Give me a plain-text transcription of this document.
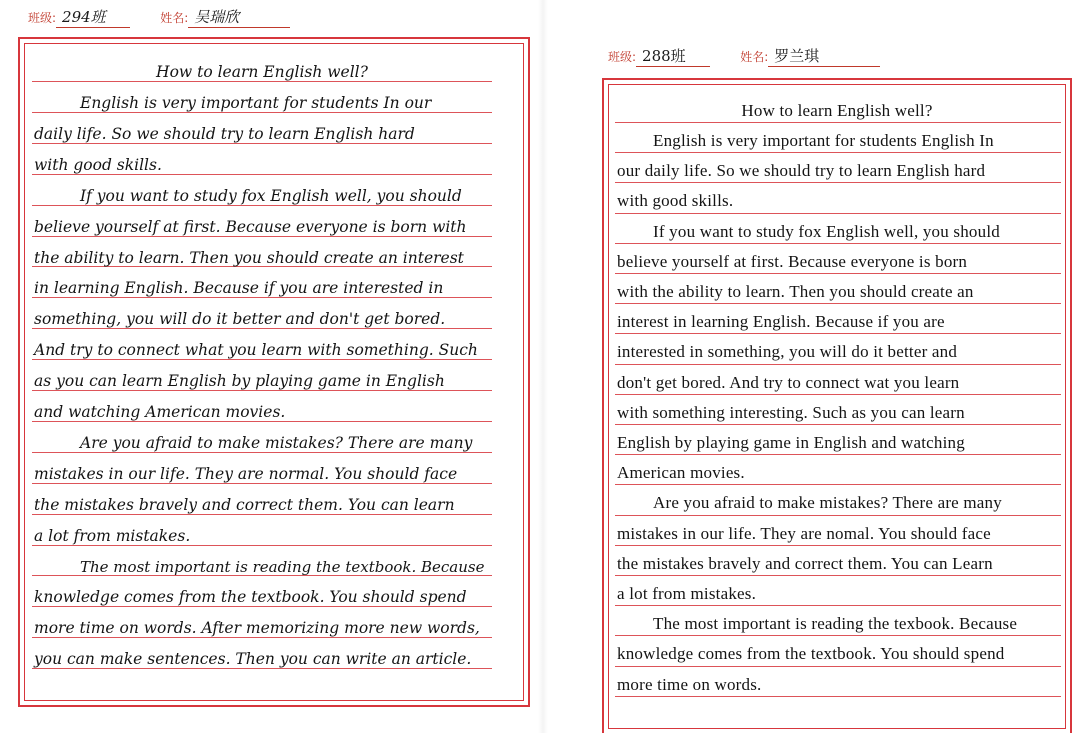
班级: 294班	姓名: 吴瑞欣
How to learn English well?
English is very important for students In our
daily life. So we should try to learn English hard
with good skills.
If you want to study fox English well, you should
believe yourself at first. Because everyone is born with
the ability to learn. Then you should create an interest
in learning English. Because if you are interested in
something, you will do it better and don't get bored.
And try to connect what you learn with something. Such
as you can learn English by playing game in English
and watching American movies.
Are you afraid to make mistakes? There are many
mistakes in our life. They are normal. You should face
the mistakes bravely and correct them. You can learn
a lot from mistakes.
The most important is reading the textbook. Because
knowledge comes from the textbook. You should spend
more time on words. After memorizing more new words,
you can make sentences. Then you can write an article.
班级: 288班	姓名: 罗兰琪
How to learn English well?
English is very important for students English In
our daily life. So we should try to learn English hard
with good skills.
If you want to study fox English well, you should
believe yourself at first. Because everyone is born
with the ability to learn. Then you should create an
interest in learning English. Because if you are
interested in something, you will do it better and
don't get bored. And try to connect wat you learn
with something interesting. Such as you can learn
English by playing game in English and watching
American movies.
Are you afraid to make mistakes? There are many
mistakes in our life. They are nomal. You should face
the mistakes bravely and correct them. You can Learn
a lot from mistakes.
The most important is reading the texbook. Because
knowledge comes from the textbook. You should spend
more time on words.
